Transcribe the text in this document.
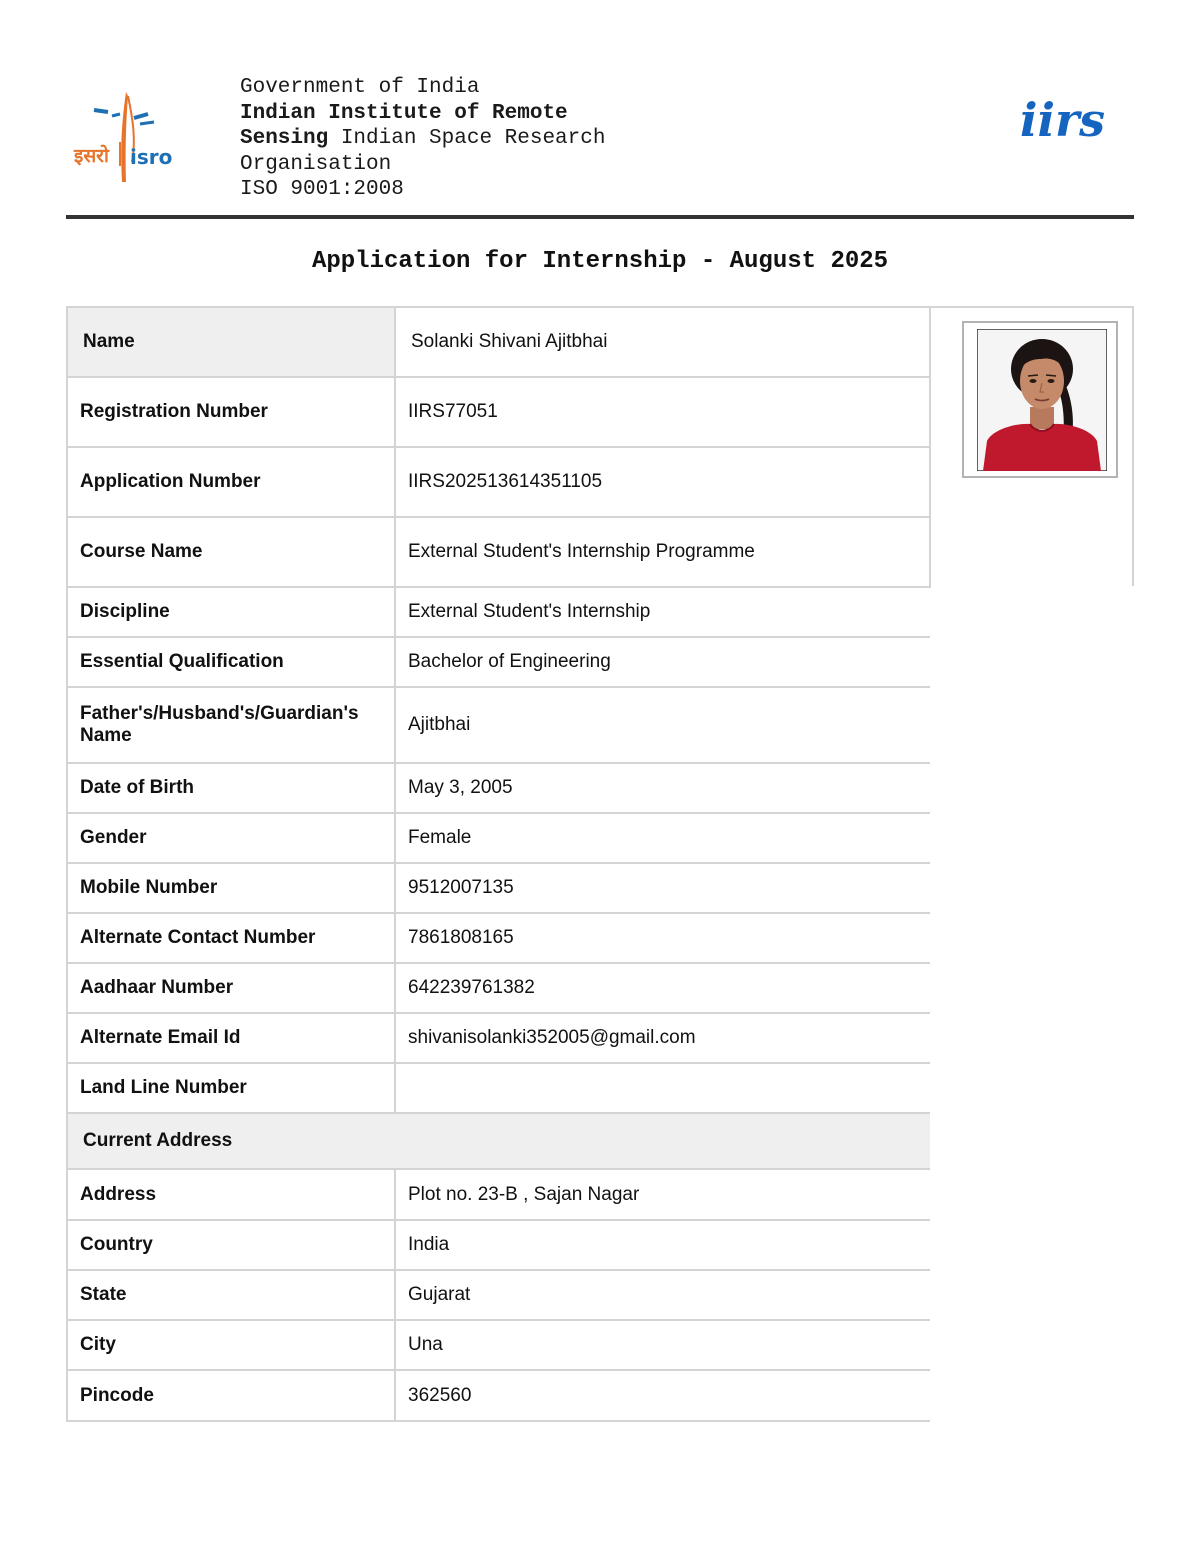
इसरो isro
Government of India
Indian Institute of Remote
Sensing Indian Space Research
Organisation
ISO 9001:2008
iirs
Application for Internship - August 2025
Name	Solanki Shivani Ajitbhai
Registration Number	IIRS77051
Application Number	IIRS202513614351105
Course Name	External Student's Internship Programme
Discipline	External Student's Internship
Essential Qualification	Bachelor of Engineering
Father's/Husband's/Guardian's Name	Ajitbhai
Date of Birth	May 3, 2005
Gender	Female
Mobile Number	9512007135
Alternate Contact Number	7861808165
Aadhaar Number	642239761382
Alternate Email Id	shivanisolanki352005@gmail.com
Land Line Number	
Current Address	
Address	Plot no. 23-B , Sajan Nagar
Country	India
State	Gujarat
City	Una
Pincode	362560
